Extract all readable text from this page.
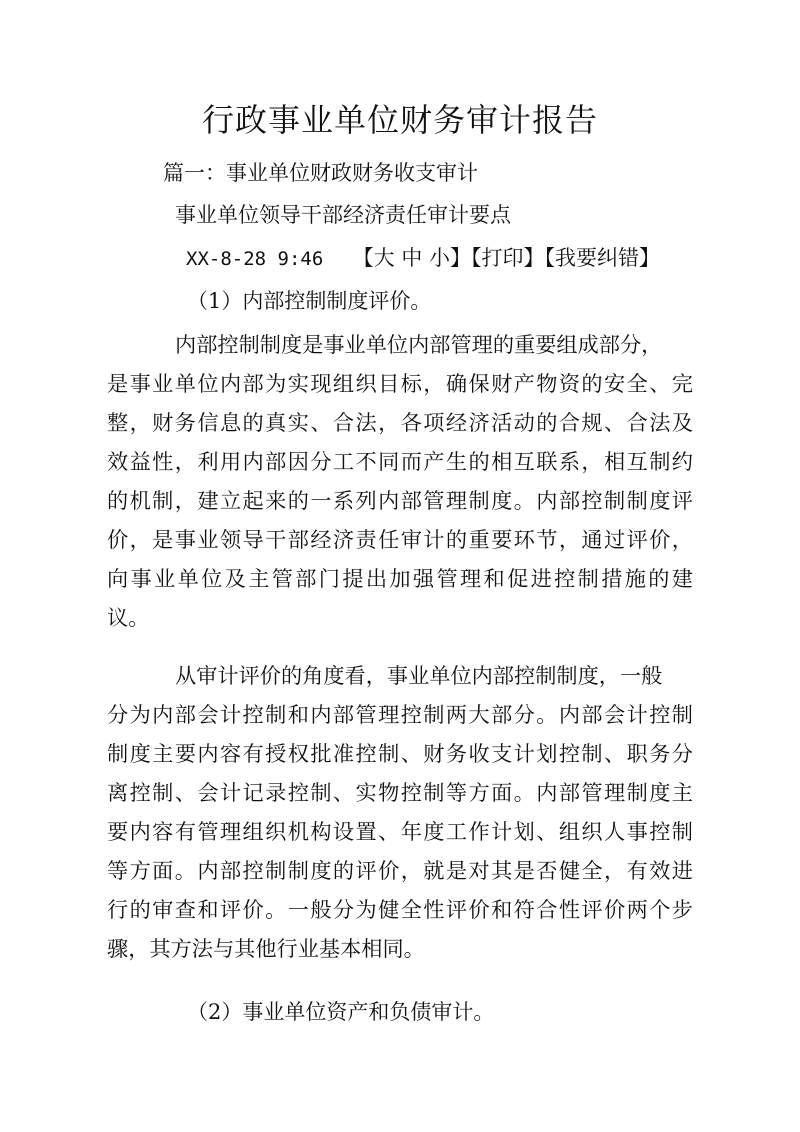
行政事业单位财务审计报告
篇一：事业单位财政财务收支审计
事业单位领导干部经济责任审计要点
XX-8-28 9:46 【大 中 小】【打印】【我要纠错】
（1）内部控制制度评价。
内部控制制度是事业单位内部管理的重要组成部分，
是事业单位内部为实现组织目标，确保财产物资的安全、完
整，财务信息的真实、合法，各项经济活动的合规、合法及
效益性，利用内部因分工不同而产生的相互联系，相互制约
的机制，建立起来的一系列内部管理制度。内部控制制度评
价，是事业领导干部经济责任审计的重要环节，通过评价，
向事业单位及主管部门提出加强管理和促进控制措施的建
议。
从审计评价的角度看，事业单位内部控制制度，一般
分为内部会计控制和内部管理控制两大部分。内部会计控制
制度主要内容有授权批准控制、财务收支计划控制、职务分
离控制、会计记录控制、实物控制等方面。内部管理制度主
要内容有管理组织机构设置、年度工作计划、组织人事控制
等方面。内部控制制度的评价，就是对其是否健全，有效进
行的审查和评价。一般分为健全性评价和符合性评价两个步
骤，其方法与其他行业基本相同。
（2）事业单位资产和负债审计。
